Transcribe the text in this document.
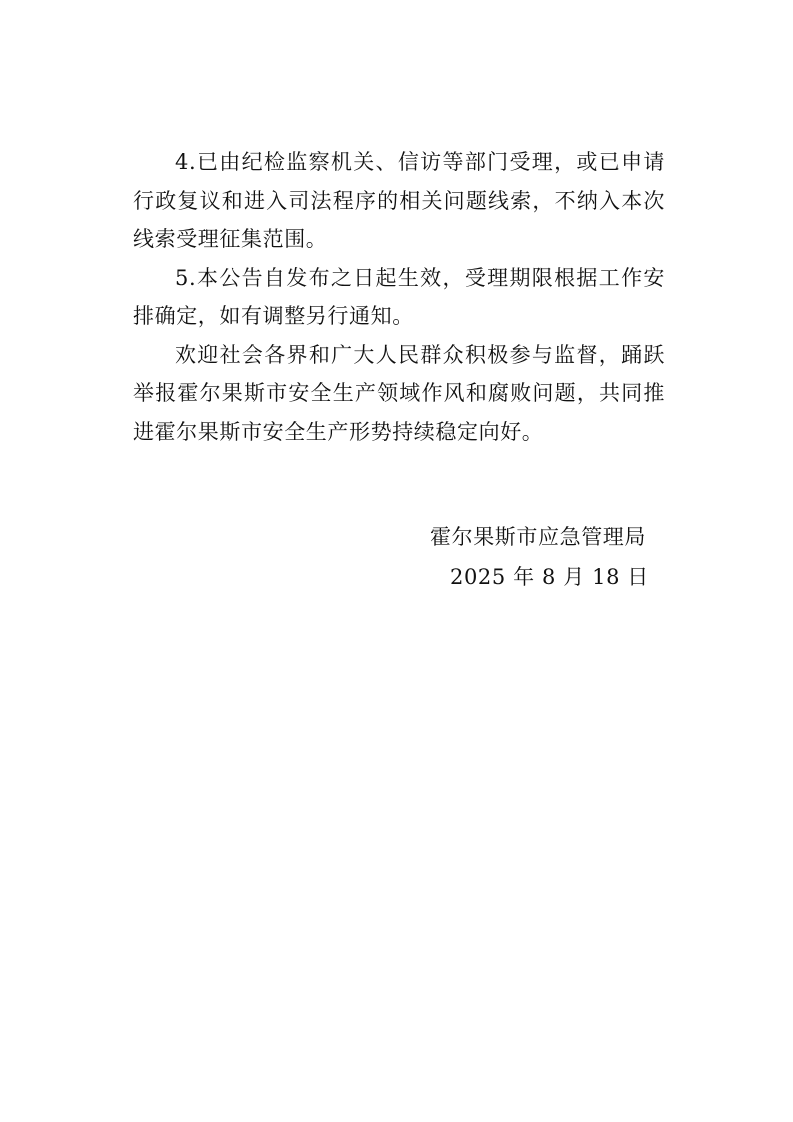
4.已由纪检监察机关、信访等部门受理，或已申请行政复议和进入司法程序的相关问题线索，不纳入本次线索受理征集范围。

5.本公告自发布之日起生效，受理期限根据工作安排确定，如有调整另行通知。

欢迎社会各界和广大人民群众积极参与监督，踊跃举报霍尔果斯市安全生产领域作风和腐败问题，共同推进霍尔果斯市安全生产形势持续稳定向好。

霍尔果斯市应急管理局
2025 年 8 月 18 日
